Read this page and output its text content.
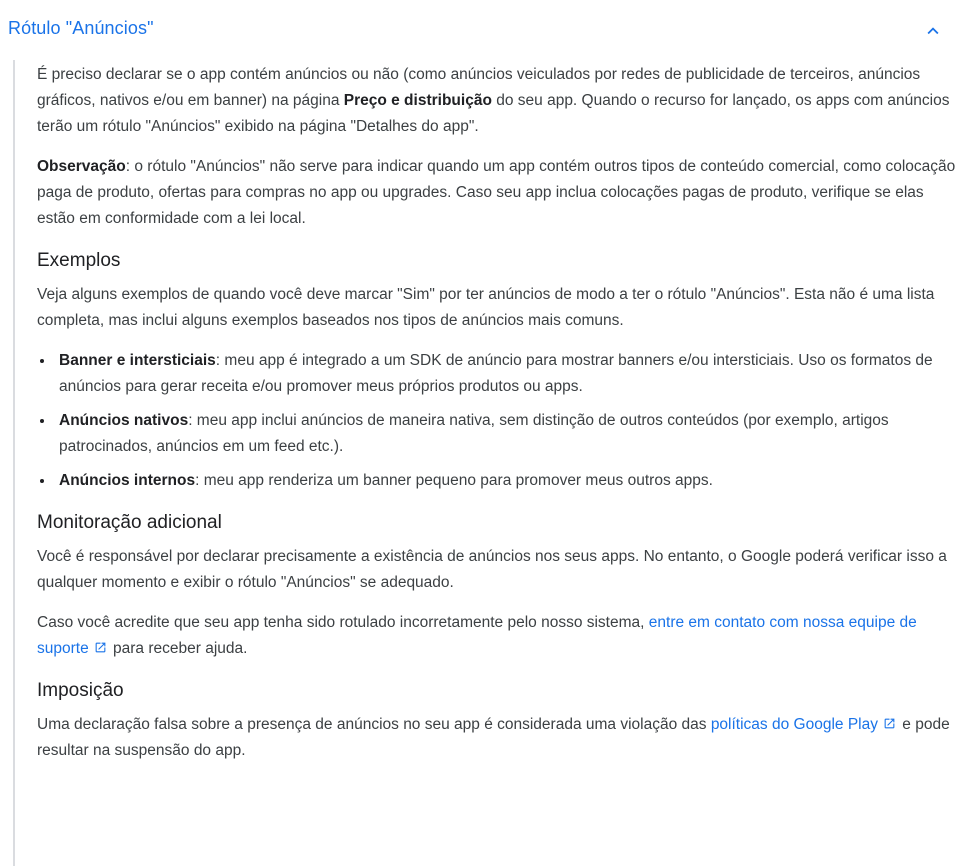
Rótulo "Anúncios"

É preciso declarar se o app contém anúncios ou não (como anúncios veiculados por redes de publicidade de terceiros, anúncios gráficos, nativos e/ou em banner) na página Preço e distribuição do seu app. Quando o recurso for lançado, os apps com anúncios terão um rótulo "Anúncios" exibido na página "Detalhes do app".

Observação: o rótulo "Anúncios" não serve para indicar quando um app contém outros tipos de conteúdo comercial, como colocação paga de produto, ofertas para compras no app ou upgrades. Caso seu app inclua colocações pagas de produto, verifique se elas estão em conformidade com a lei local.

Exemplos

Veja alguns exemplos de quando você deve marcar "Sim" por ter anúncios de modo a ter o rótulo "Anúncios". Esta não é uma lista completa, mas inclui alguns exemplos baseados nos tipos de anúncios mais comuns.

Banner e intersticiais: meu app é integrado a um SDK de anúncio para mostrar banners e/ou intersticiais. Uso os formatos de anúncios para gerar receita e/ou promover meus próprios produtos ou apps.
Anúncios nativos: meu app inclui anúncios de maneira nativa, sem distinção de outros conteúdos (por exemplo, artigos patrocinados, anúncios em um feed etc.).
Anúncios internos: meu app renderiza um banner pequeno para promover meus outros apps.
Monitoração adicional

Você é responsável por declarar precisamente a existência de anúncios nos seus apps. No entanto, o Google poderá verificar isso a qualquer momento e exibir o rótulo "Anúncios" se adequado.

Caso você acredite que seu app tenha sido rotulado incorretamente pelo nosso sistema, entre em contato com nossa equipe de suporte para receber ajuda.

Imposição

Uma declaração falsa sobre a presença de anúncios no seu app é considerada uma violação das políticas do Google Play e pode resultar na suspensão do app.
